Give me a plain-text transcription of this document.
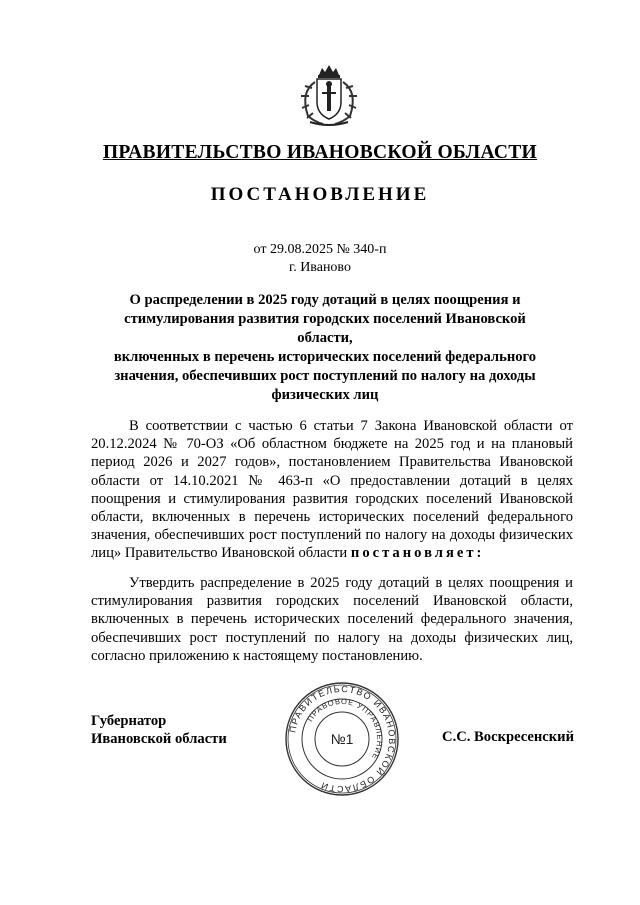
ПРАВИТЕЛЬСТВО ИВАНОВСКОЙ ОБЛАСТИ
ПОСТАНОВЛЕНИЕ
от 29.08.2025 № 340-п
г. Иваново
О распределении в 2025 году дотаций в целях поощрения и
стимулирования развития городских поселений Ивановской области,
включенных в перечень исторических поселений федерального
значения, обеспечивших рост поступлений по налогу на доходы
физических лиц
В соответствии с частью 6 статьи 7 Закона Ивановской области от 20.12.2024 № 70-ОЗ «Об областном бюджете на 2025 год и на плановый период 2026 и 2027 годов», постановлением Правительства Ивановской области от 14.10.2021 № 463-п «О предоставлении дотаций в целях поощрения и стимулирования развития городских поселений Ивановской области, включенных в перечень исторических поселений федерального значения, обеспечивших рост поступлений по налогу на доходы физических лиц» Правительство Ивановской области постановляет:
Утвердить распределение в 2025 году дотаций в целях поощрения и стимулирования развития городских поселений Ивановской области, включенных в перечень исторических поселений федерального значения, обеспечивших рост поступлений по налогу на доходы физических лиц, согласно приложению к настоящему постановлению.
Губернатор
Ивановской области
ПРАВИТЕЛЬСТВО ИВАНОВСКОЙ ОБЛАСТИ
ПРАВОВОЕ УПРАВЛЕНИЕ
№1	С.С. Воскресенский
